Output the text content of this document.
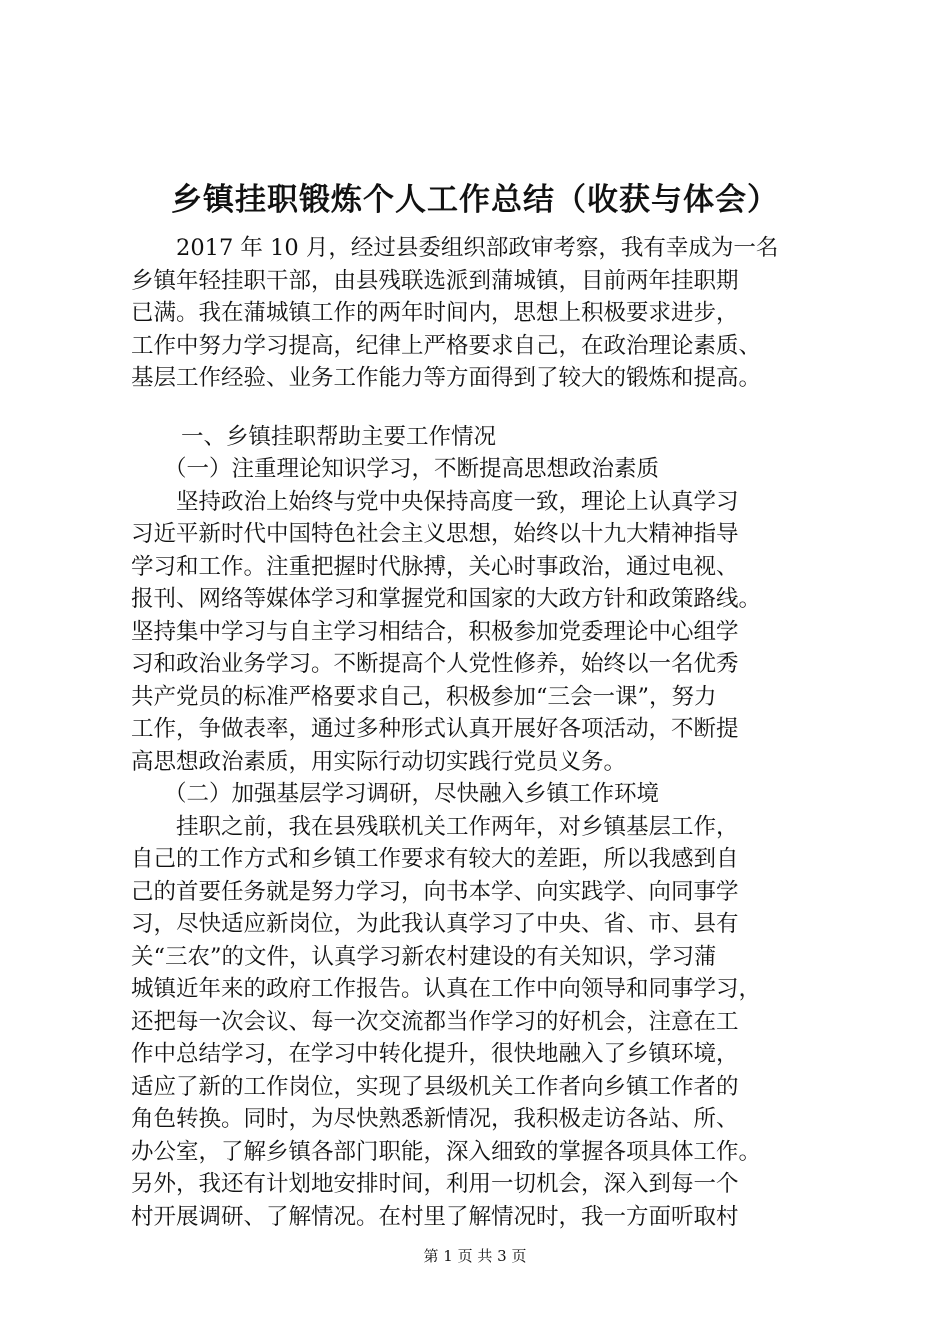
乡镇挂职锻炼个人工作总结（收获与体会）
2017 年 10 月，经过县委组织部政审考察，我有幸成为一名
乡镇年轻挂职干部，由县残联选派到蒲城镇，目前两年挂职期
已满。我在蒲城镇工作的两年时间内，思想上积极要求进步，
工作中努力学习提高，纪律上严格要求自己，在政治理论素质、
基层工作经验、业务工作能力等方面得到了较大的锻炼和提高。
一、乡镇挂职帮助主要工作情况
（一）注重理论知识学习，不断提高思想政治素质
坚持政治上始终与党中央保持高度一致，理论上认真学习
习近平新时代中国特色社会主义思想，始终以十九大精神指导
学习和工作。注重把握时代脉搏，关心时事政治，通过电视、
报刊、网络等媒体学习和掌握党和国家的大政方针和政策路线。
坚持集中学习与自主学习相结合，积极参加党委理论中心组学
习和政治业务学习。不断提高个人党性修养，始终以一名优秀
共产党员的标准严格要求自己，积极参加“三会一课”，努力
工作，争做表率，通过多种形式认真开展好各项活动，不断提
高思想政治素质，用实际行动切实践行党员义务。
（二）加强基层学习调研，尽快融入乡镇工作环境
挂职之前，我在县残联机关工作两年，对乡镇基层工作，
自己的工作方式和乡镇工作要求有较大的差距，所以我感到自
己的首要任务就是努力学习，向书本学、向实践学、向同事学
习，尽快适应新岗位，为此我认真学习了中央、省、市、县有
关“三农”的文件，认真学习新农村建设的有关知识，学习蒲
城镇近年来的政府工作报告。认真在工作中向领导和同事学习，
还把每一次会议、每一次交流都当作学习的好机会，注意在工
作中总结学习，在学习中转化提升，很快地融入了乡镇环境，
适应了新的工作岗位，实现了县级机关工作者向乡镇工作者的
角色转换。同时，为尽快熟悉新情况，我积极走访各站、所、
办公室，了解乡镇各部门职能，深入细致的掌握各项具体工作。
另外，我还有计划地安排时间，利用一切机会，深入到每一个
村开展调研、了解情况。在村里了解情况时，我一方面听取村
第 1 页 共 3 页
